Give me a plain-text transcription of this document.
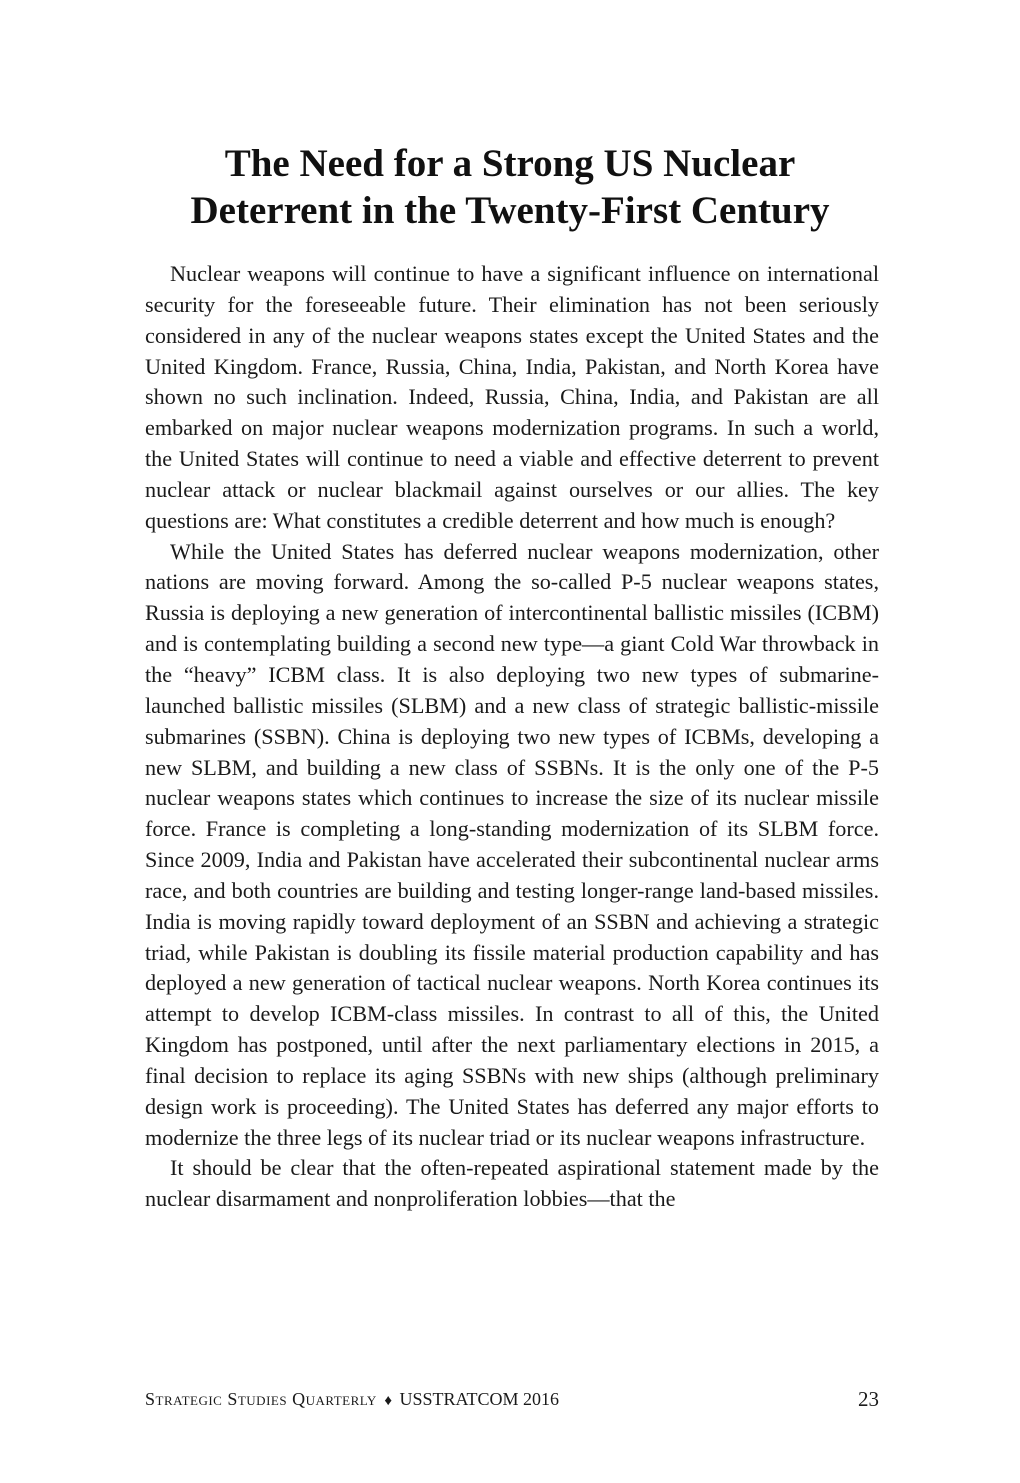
The Need for a Strong US Nuclear
Deterrent in the Twenty-First Century

Nuclear weapons will continue to have a significant influence on international security for the foreseeable future. Their elimination has not been seriously considered in any of the nuclear weapons states except the United States and the United Kingdom. France, Russia, China, India, Pakistan, and North Korea have shown no such inclination. Indeed, Russia, China, India, and Pakistan are all embarked on major nuclear weapons modernization programs. In such a world, the United States will continue to need a viable and effective deterrent to prevent nuclear attack or nuclear blackmail against ourselves or our allies. The key questions are: What constitutes a credible deterrent and how much is enough?

While the United States has deferred nuclear weapons modernization, other nations are moving forward. Among the so-called P-5 nuclear weapons states, Russia is deploying a new generation of intercontinental ballistic missiles (ICBM) and is contemplating building a second new type—a giant Cold War throwback in the “heavy” ICBM class. It is also deploying two new types of submarine-launched ballistic missiles (SLBM) and a new class of strategic ballistic-missile submarines (SSBN). China is deploying two new types of ICBMs, developing a new SLBM, and building a new class of SSBNs. It is the only one of the P-5 nuclear weapons states which continues to increase the size of its nuclear missile force. France is completing a long-standing modernization of its SLBM force. Since 2009, India and Pakistan have accelerated their subcontinental nuclear arms race, and both countries are building and testing longer-range land-based missiles. India is moving rapidly toward deployment of an SSBN and achieving a strategic triad, while Pakistan is doubling its fissile material production capability and has deployed a new generation of tactical nuclear weapons. North Korea continues its attempt to develop ICBM-class missiles. In contrast to all of this, the United Kingdom has postponed, until after the next parliamentary elections in 2015, a final decision to replace its aging SSBNs with new ships (although preliminary design work is proceeding). The United States has deferred any major efforts to modernize the three legs of its nuclear triad or its nuclear weapons infrastructure.

It should be clear that the often-repeated aspirational statement made by the nuclear disarmament and nonproliferation lobbies—that the

Strategic Studies Quarterly ♦ USSTRATCOM 2016	23
